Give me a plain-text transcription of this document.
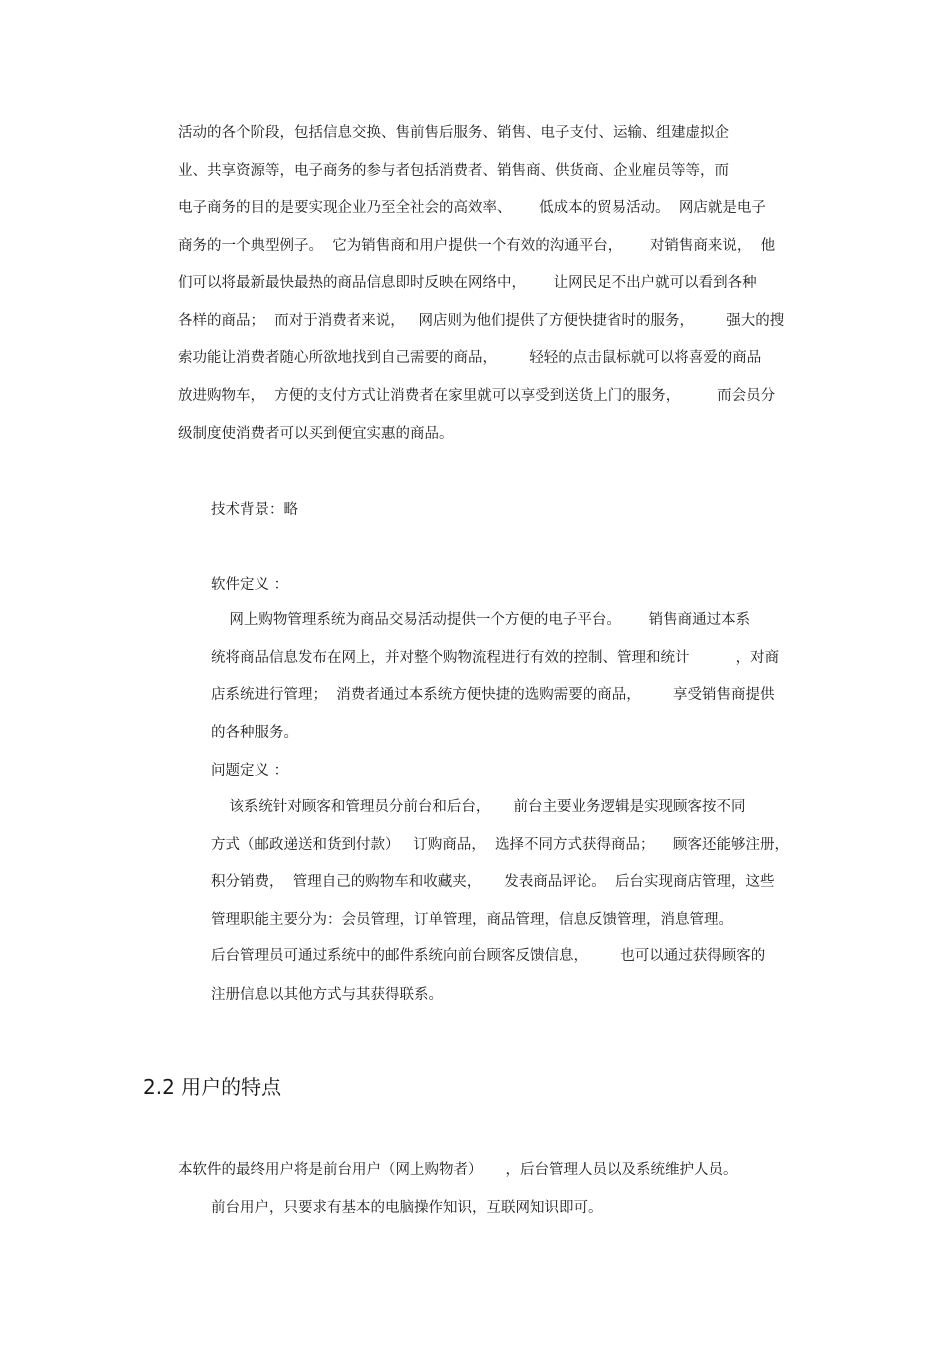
活动的各个阶段，包括信息交换、售前售后服务、销售、电子支付、运输、组建虚拟企

业、共享资源等，电子商务的参与者包括消费者、销售商、供货商、企业雇员等等，而

电子商务的目的是要实现企业乃至全社会的高效率、      低成本的贸易活动。  网店就是电子

商务的一个典型例子。  它为销售商和用户提供一个有效的沟通平台，      对销售商来说，  他

们可以将最新最快最热的商品信息即时反映在网络中，      让网民足不出户就可以看到各种

各样的商品；  而对于消费者来说，   网店则为他们提供了方便快捷省时的服务，       强大的搜

索功能让消费者随心所欲地找到自己需要的商品，       轻轻的点击鼠标就可以将喜爱的商品

放进购物车，  方便的支付方式让消费者在家里就可以享受到送货上门的服务，        而会员分

级制度使消费者可以买到便宜实惠的商品。

技术背景：略

软件定义 ：

网上购物管理系统为商品交易活动提供一个方便的电子平台。      销售商通过本系

统将商品信息发布在网上，并对整个购物流程进行有效的控制、管理和统计          ，对商

店系统进行管理；  消费者通过本系统方便快捷的选购需要的商品，       享受销售商提供

的各种服务。

问题定义 ：

该系统针对顾客和管理员分前台和后台，     前台主要业务逻辑是实现顾客按不同

方式（邮政递送和货到付款）   订购商品，  选择不同方式获得商品；    顾客还能够注册，

积分销费，  管理自己的购物车和收藏夹，     发表商品评论。  后台实现商店管理，这些

管理职能主要分为：会员管理，订单管理，商品管理，信息反馈管理，消息管理。

后台管理员可通过系统中的邮件系统向前台顾客反馈信息，       也可以通过获得顾客的

注册信息以其他方式与其获得联系。

2.2 用户的特点

本软件的最终用户将是前台用户（网上购物者）     ，后台管理人员以及系统维护人员。

前台用户，只要求有基本的电脑操作知识，互联网知识即可。
